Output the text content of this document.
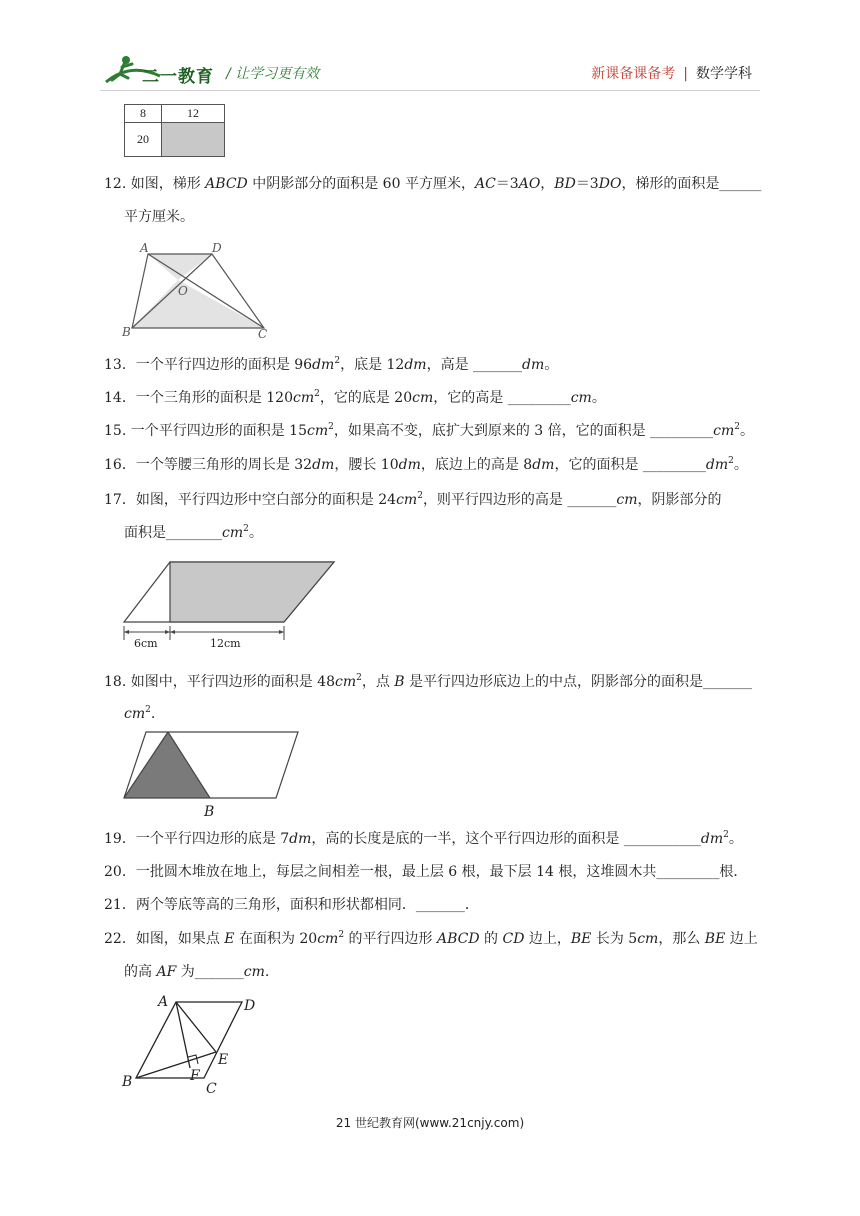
二一教育 / 让学习更有效	新课备课备考 | 数学学科
8	12
20	
12. 如图，梯形 ABCD 中阴影部分的面积是 60 平方厘米，AC＝3AO，BD＝3DO，梯形的面积是______
平方厘米。
A	D
O
B	C
13．一个平行四边形的面积是 $96dm^2$，底是 12dm，高是 _______dm。
14．一个三角形的面积是 $120cm^2$，它的底是 20cm，它的高是 _________cm。
15. 一个平行四边形的面积是 $15cm^2$，如果高不变，底扩大到原来的 3 倍，它的面积是 $\_\_\_\_\_\_\_\_\_cm^2$。
16．一个等腰三角形的周长是 32dm，腰长 10dm，底边上的高是 8dm，它的面积是 $\_\_\_\_\_\_\_\_\_dm^2$。
17．如图，平行四边形中空白部分的面积是 $24cm^2$，则平行四边形的高是 _______cm，阴影部分的
面积是$\_\_\_\_\_\_\_\_cm^2$。
6cm	12cm
18. 如图中，平行四边形的面积是 $48cm^2$，点 B 是平行四边形底边上的中点，阴影部分的面积是_______
$cm^2$.
B
19．一个平行四边形的底是 7dm，高的长度是底的一半，这个平行四边形的面积是 $\_\_\_\_\_\_\_\_\_\_\_dm^2$。
20．一批圆木堆放在地上，每层之间相差一根，最上层 6 根，最下层 14 根，这堆圆木共_________根．
21．两个等底等高的三角形，面积和形状都相同．_______．
22．如图，如果点 E 在面积为 $20cm^2$ 的平行四边形 ABCD 的 CD 边上，BE 长为 5cm，那么 BE 边上
的高 AF 为_______cm.
A	D
E
F
B	C
21 世纪教育网(www.21cnjy.com)
